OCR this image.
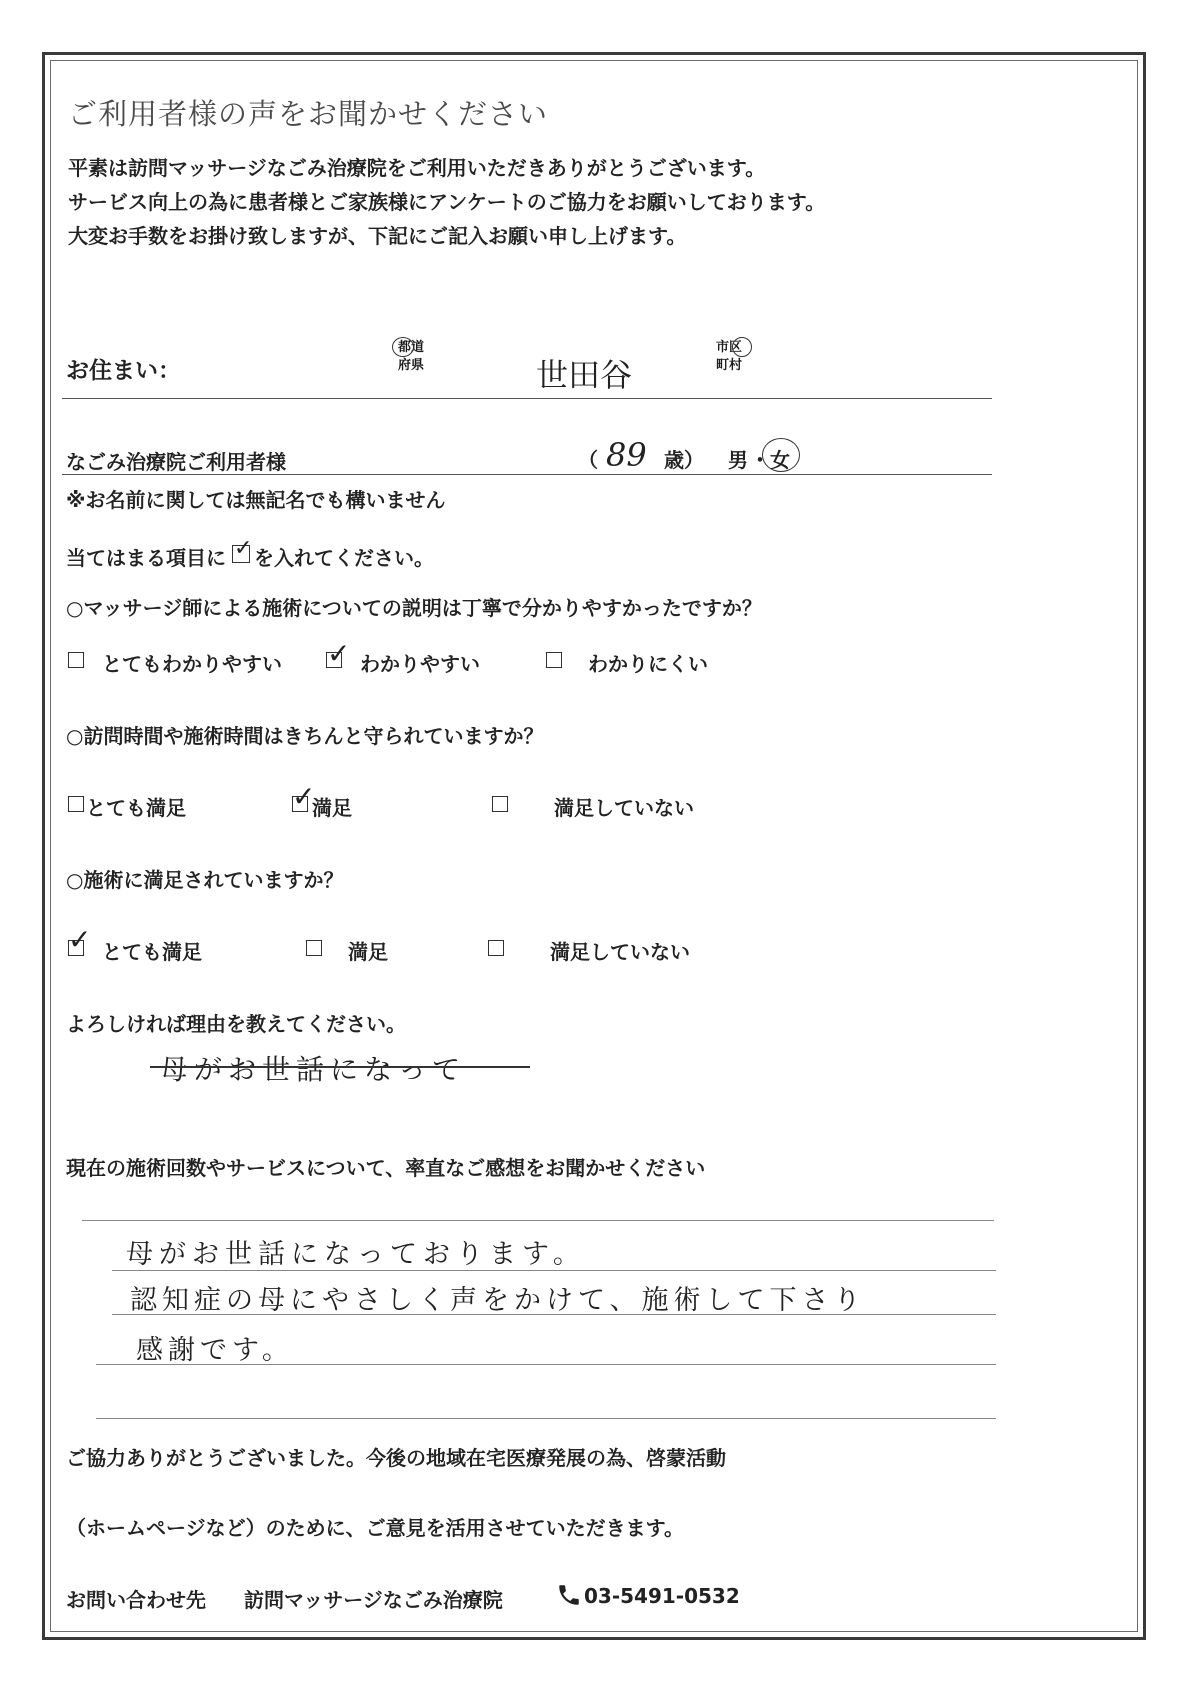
ご利用者様の声をお聞かせください
平素は訪問マッサージなごみ治療院をご利用いただきありがとうございます。
サービス向上の為に患者様とご家族様にアンケートのご協力をお願いしております。
大変お手数をお掛け致しますが、下記にご記入お願い申し上げます。
お住まい：
都道
府県	世田谷
市区
町村
なごみ治療院ご利用者様	（ 89 歳） 男 ・ 女
※お名前に関しては無記名でも構いません
当てはまる項目に ✓ を入れてください。
○マッサージ師による施術についての説明は丁寧で分かりやすかったですか？
とてもわかりやすい ✓ わかりやすい	わかりにくい
○訪問時間や施術時間はきちんと守られていますか？
とても満足	✓
満足	満足していない
○施術に満足されていますか？
✓ とても満足	満足	満足していない
よろしければ理由を教えてください。
母がお世話になって
現在の施術回数やサービスについて、率直なご感想をお聞かせください
母がお世話になっております。
認知症の母にやさしく声をかけて、施術して下さり
感謝です。
ご協力ありがとうございました。今後の地域在宅医療発展の為、啓蒙活動
（ホームページなど）のために、ご意見を活用させていただきます。
お問い合わせ先 訪問マッサージなごみ治療院	03-5491-0532
